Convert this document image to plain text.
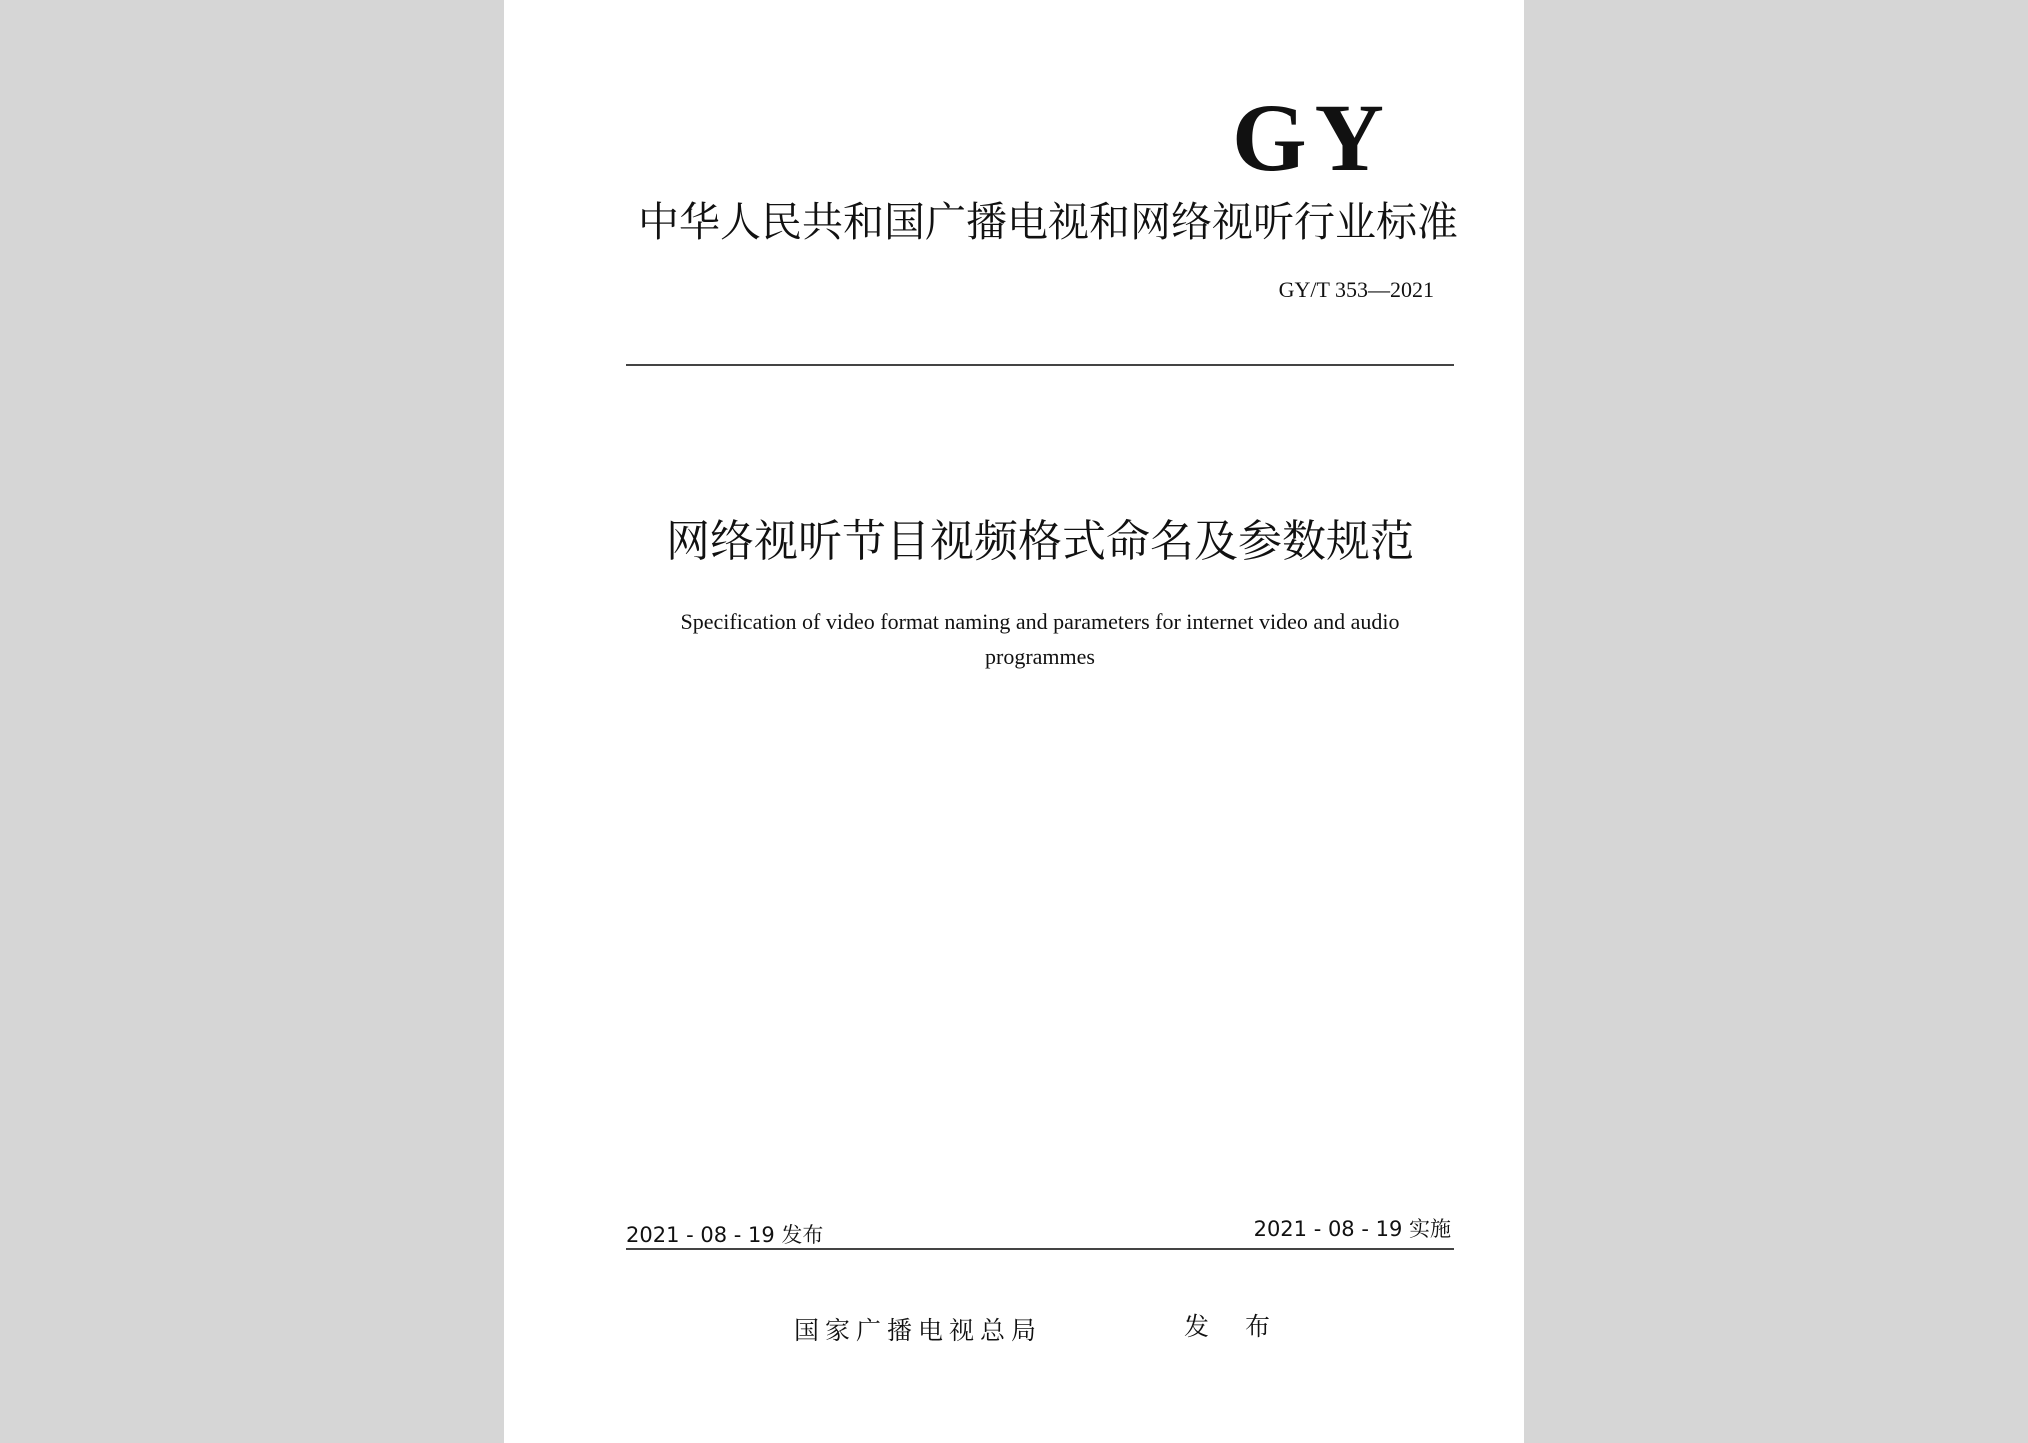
GY
中华人民共和国广播电视和网络视听行业标准
GY/T 353—2021
网络视听节目视频格式命名及参数规范
Specification of video format naming and parameters for internet video and audio programmes
2021 - 08 - 19 发布	2021 - 08 - 19 实施
国家广播电视总局	发 布
